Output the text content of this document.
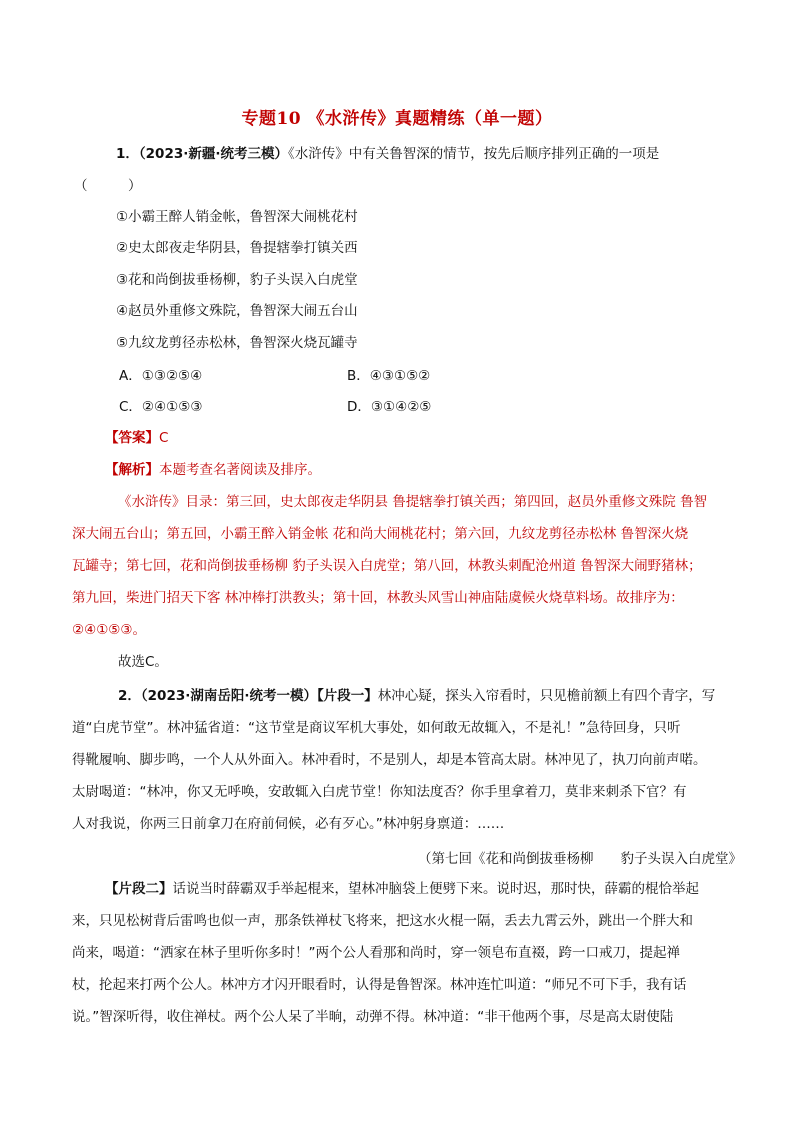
专题10 《水浒传》真题精练（单一题）
1．（2023·新疆·统考三模）《水浒传》中有关鲁智深的情节，按先后顺序排列正确的一项是
（　　　）
①小霸王醉人销金帐，鲁智深大闹桃花村
②史太郎夜走华阴县，鲁提辖拳打镇关西
③花和尚倒拔垂杨柳，豹子头误入白虎堂
④赵员外重修文殊院，鲁智深大闹五台山
⑤九纹龙剪径赤松林，鲁智深火烧瓦罐寺
A．①③②⑤④	B．④③①⑤②
C．②④①⑤③	D．③①④②⑤
【答案】C
【解析】本题考查名著阅读及排序。
《水浒传》目录：第三回，史太郎夜走华阴县 鲁提辖拳打镇关西；第四回，赵员外重修文殊院 鲁智
深大闹五台山；第五回，小霸王醉入销金帐 花和尚大闹桃花村；第六回，九纹龙剪径赤松林 鲁智深火烧
瓦罐寺；第七回，花和尚倒拔垂杨柳 豹子头误入白虎堂；第八回，林教头刺配沧州道 鲁智深大闹野猪林；
第九回，柴进门招天下客 林冲棒打洪教头；第十回，林教头风雪山神庙陆虞候火烧草料场。故排序为：
②④①⑤③。
故选C。
2．（2023·湖南岳阳·统考一模）【片段一】林冲心疑，探头入帘看时，只见檐前额上有四个青字，写
道“白虎节堂”。林冲猛省道：“这节堂是商议军机大事处，如何敢无故辄入，不是礼！”急待回身，只听
得靴履响、脚步鸣，一个人从外面入。林冲看时，不是别人，却是本管高太尉。林冲见了，执刀向前声喏。
太尉喝道：“林冲，你又无呼唤，安敢辄入白虎节堂！你知法度否？你手里拿着刀，莫非来刺杀下官？有
人对我说，你两三日前拿刀在府前伺候，必有歹心。”林冲躬身禀道：……
（第七回《花和尚倒拔垂杨柳　　豹子头误入白虎堂》
【片段二】话说当时薛霸双手举起棍来，望林冲脑袋上便劈下来。说时迟，那时快，薛霸的棍恰举起
来，只见松树背后雷鸣也似一声，那条铁禅杖飞将来，把这水火棍一隔，丢去九霄云外，跳出一个胖大和
尚来，喝道：“洒家在林子里听你多时！”两个公人看那和尚时，穿一领皂布直裰，跨一口戒刀，提起禅
杖，抡起来打两个公人。林冲方才闪开眼看时，认得是鲁智深。林冲连忙叫道：“师兄不可下手，我有话
说。”智深听得，收住禅杖。两个公人呆了半晌，动弹不得。林冲道：“非干他两个事，尽是高太尉使陆
